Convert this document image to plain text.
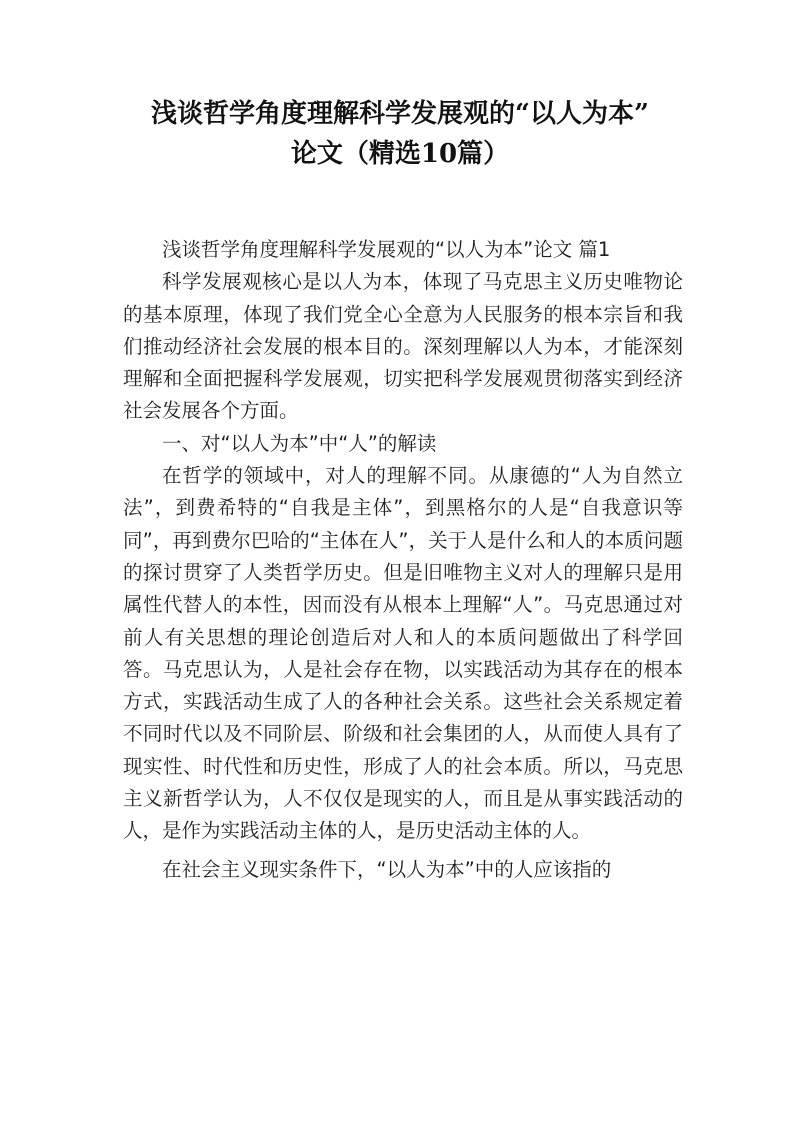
浅谈哲学角度理解科学发展观的“以人为本”
论文（精选10篇）

浅谈哲学角度理解科学发展观的“以人为本”论文 篇1

科学发展观核心是以人为本，体现了马克思主义历史唯物论的基本原理，体现了我们党全心全意为人民服务的根本宗旨和我们推动经济社会发展的根本目的。深刻理解以人为本，才能深刻理解和全面把握科学发展观，切实把科学发展观贯彻落实到经济社会发展各个方面。

一、对“以人为本”中“人”的解读

在哲学的领域中，对人的理解不同。从康德的“人为自然立法”，到费希特的“自我是主体”，到黑格尔的人是“自我意识等同”，再到费尔巴哈的“主体在人”，关于人是什么和人的本质问题的探讨贯穿了人类哲学历史。但是旧唯物主义对人的理解只是用属性代替人的本性，因而没有从根本上理解“人”。马克思通过对前人有关思想的理论创造后对人和人的本质问题做出了科学回答。马克思认为，人是社会存在物，以实践活动为其存在的根本方式，实践活动生成了人的各种社会关系。这些社会关系规定着不同时代以及不同阶层、阶级和社会集团的人，从而使人具有了现实性、时代性和历史性，形成了人的社会本质。所以，马克思主义新哲学认为，人不仅仅是现实的人，而且是从事实践活动的人，是作为实践活动主体的人，是历史活动主体的人。

在社会主义现实条件下，“以人为本”中的人应该指的
